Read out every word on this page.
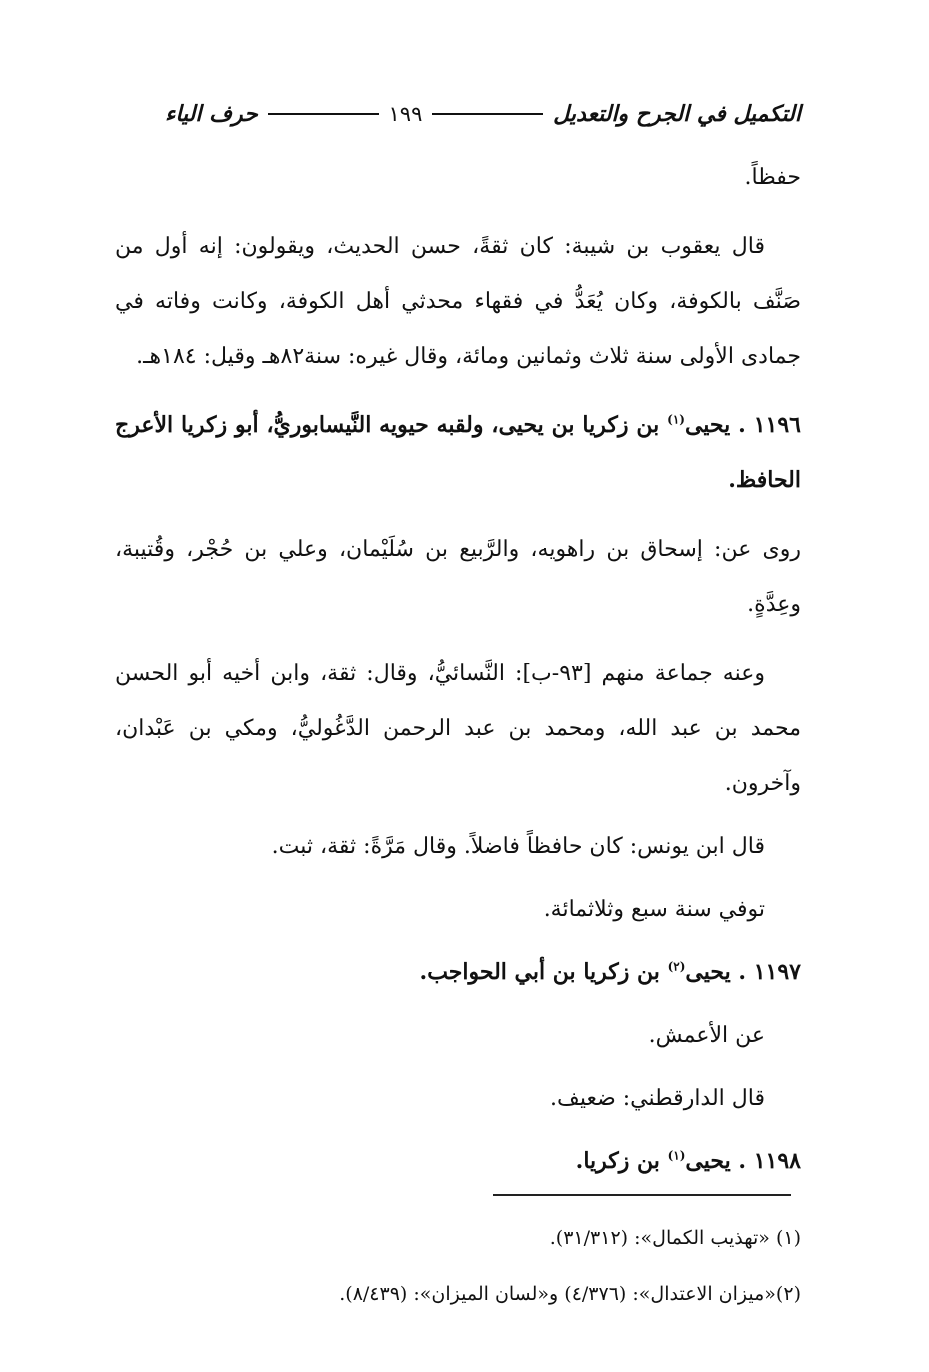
التكميل في الجرح والتعديل
١٩٩
حرف الياء

حفظاً.

قال يعقوب بن شيبة: كان ثقةً، حسن الحديث، ويقولون: إنه أول من صَنَّف بالكوفة، وكان يُعَدُّ في فقهاء محدثي أهل الكوفة، وكانت وفاته في جمادى الأولى سنة ثلاث وثمانين ومائة، وقال غيره: سنة٨٢هـ وقيل: ١٨٤هـ.

١١٩٦ . يحيى$^{(١)}$ بن زكريا بن يحيى، ولقبه حيويه النَّيسابوريُّ، أبو زكريا الأعرج الحافظ.

روى عن: إسحاق بن راهويه، والرَّبيع بن سُلَيْمان، وعلي بن حُجْر، وقُتيبة، وعِدَّةٍ.

وعنه جماعة منهم [٩٣-ب]: النَّسائيُّ، وقال: ثقة، وابن أخيه أبو الحسن محمد بن عبد الله، ومحمد بن عبد الرحمن الدَّغُوليُّ، ومكي بن عَبْدان، وآخرون.

قال ابن يونس: كان حافظاً فاضلاً. وقال مَرَّةً: ثقة، ثبت.

توفي سنة سبع وثلاثمائة.

١١٩٧ . يحيى$^{(٢)}$ بن زكريا بن أبي الحواجب.

عن الأعمش.

قال الدارقطني: ضعيف.

١١٩٨ . يحيى$^{(١)}$ بن زكريا.

(١) «تهذيب الكمال»: (٣١/٣١٢).

(٢)«ميزان الاعتدال»: (٤/٣٧٦) و«لسان الميزان»: (٨/٤٣٩).
